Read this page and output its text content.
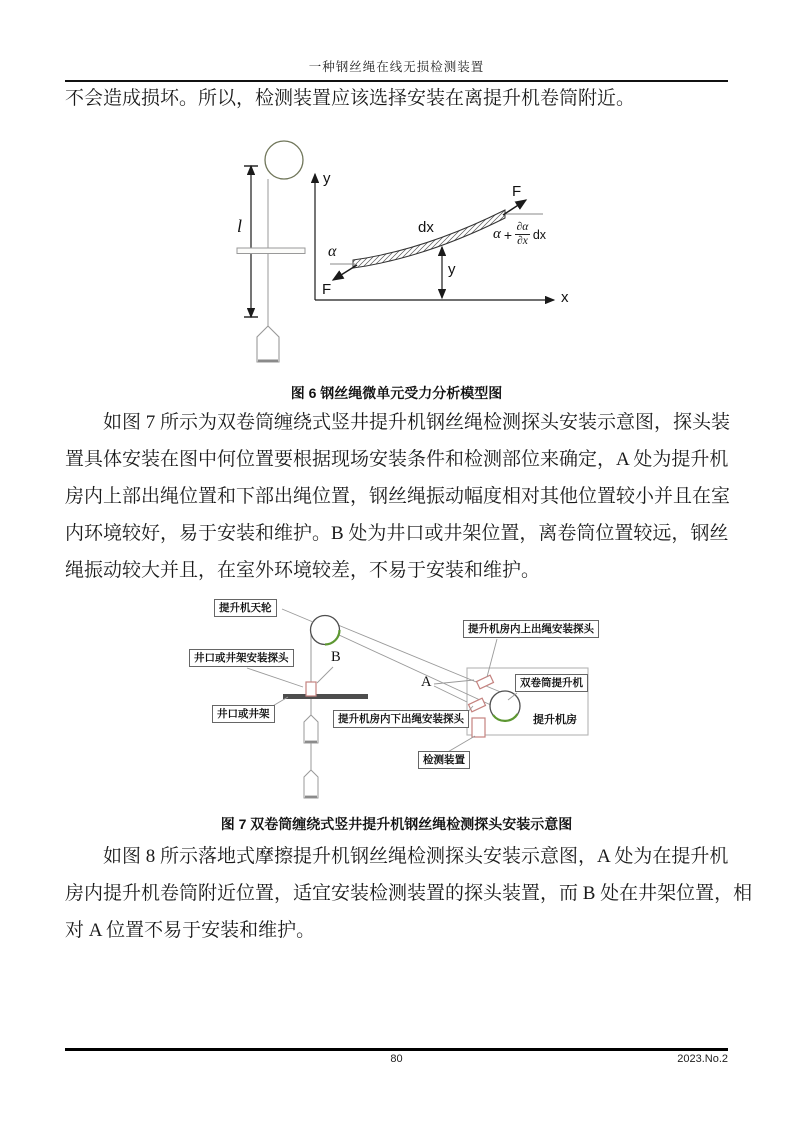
一种钢丝绳在线无损检测装置
不会造成损坏。所以，检测装置应该选择安装在离提升机卷筒附近。
l
y
x
dx
F
F
α
y
$\alpha + \frac{\partial\alpha}{\partial x}$ dx
图 6 钢丝绳微单元受力分析模型图
如图 7 所示为双卷筒缠绕式竖井提升机钢丝绳检测探头安装示意图，探头装
置具体安装在图中何位置要根据现场安装条件和检测部位来确定，A 处为提升机
房内上部出绳位置和下部出绳位置，钢丝绳振动幅度相对其他位置较小并且在室
内环境较好，易于安装和维护。B 处为井口或井架位置，离卷筒位置较远，钢丝
绳振动较大并且，在室外环境较差，不易于安装和维护。
提升机天轮
井口或井架安装探头
井口或井架
提升机房内上出绳安装探头
提升机房内下出绳安装探头
双卷筒提升机
检测装置
提升机房
A
B
图 7 双卷筒缠绕式竖井提升机钢丝绳检测探头安装示意图
如图 8 所示落地式摩擦提升机钢丝绳检测探头安装示意图，A 处为在提升机
房内提升机卷筒附近位置，适宜安装检测装置的探头装置，而 B 处在井架位置，相
对 A 位置不易于安装和维护。
80	2023.No.2
